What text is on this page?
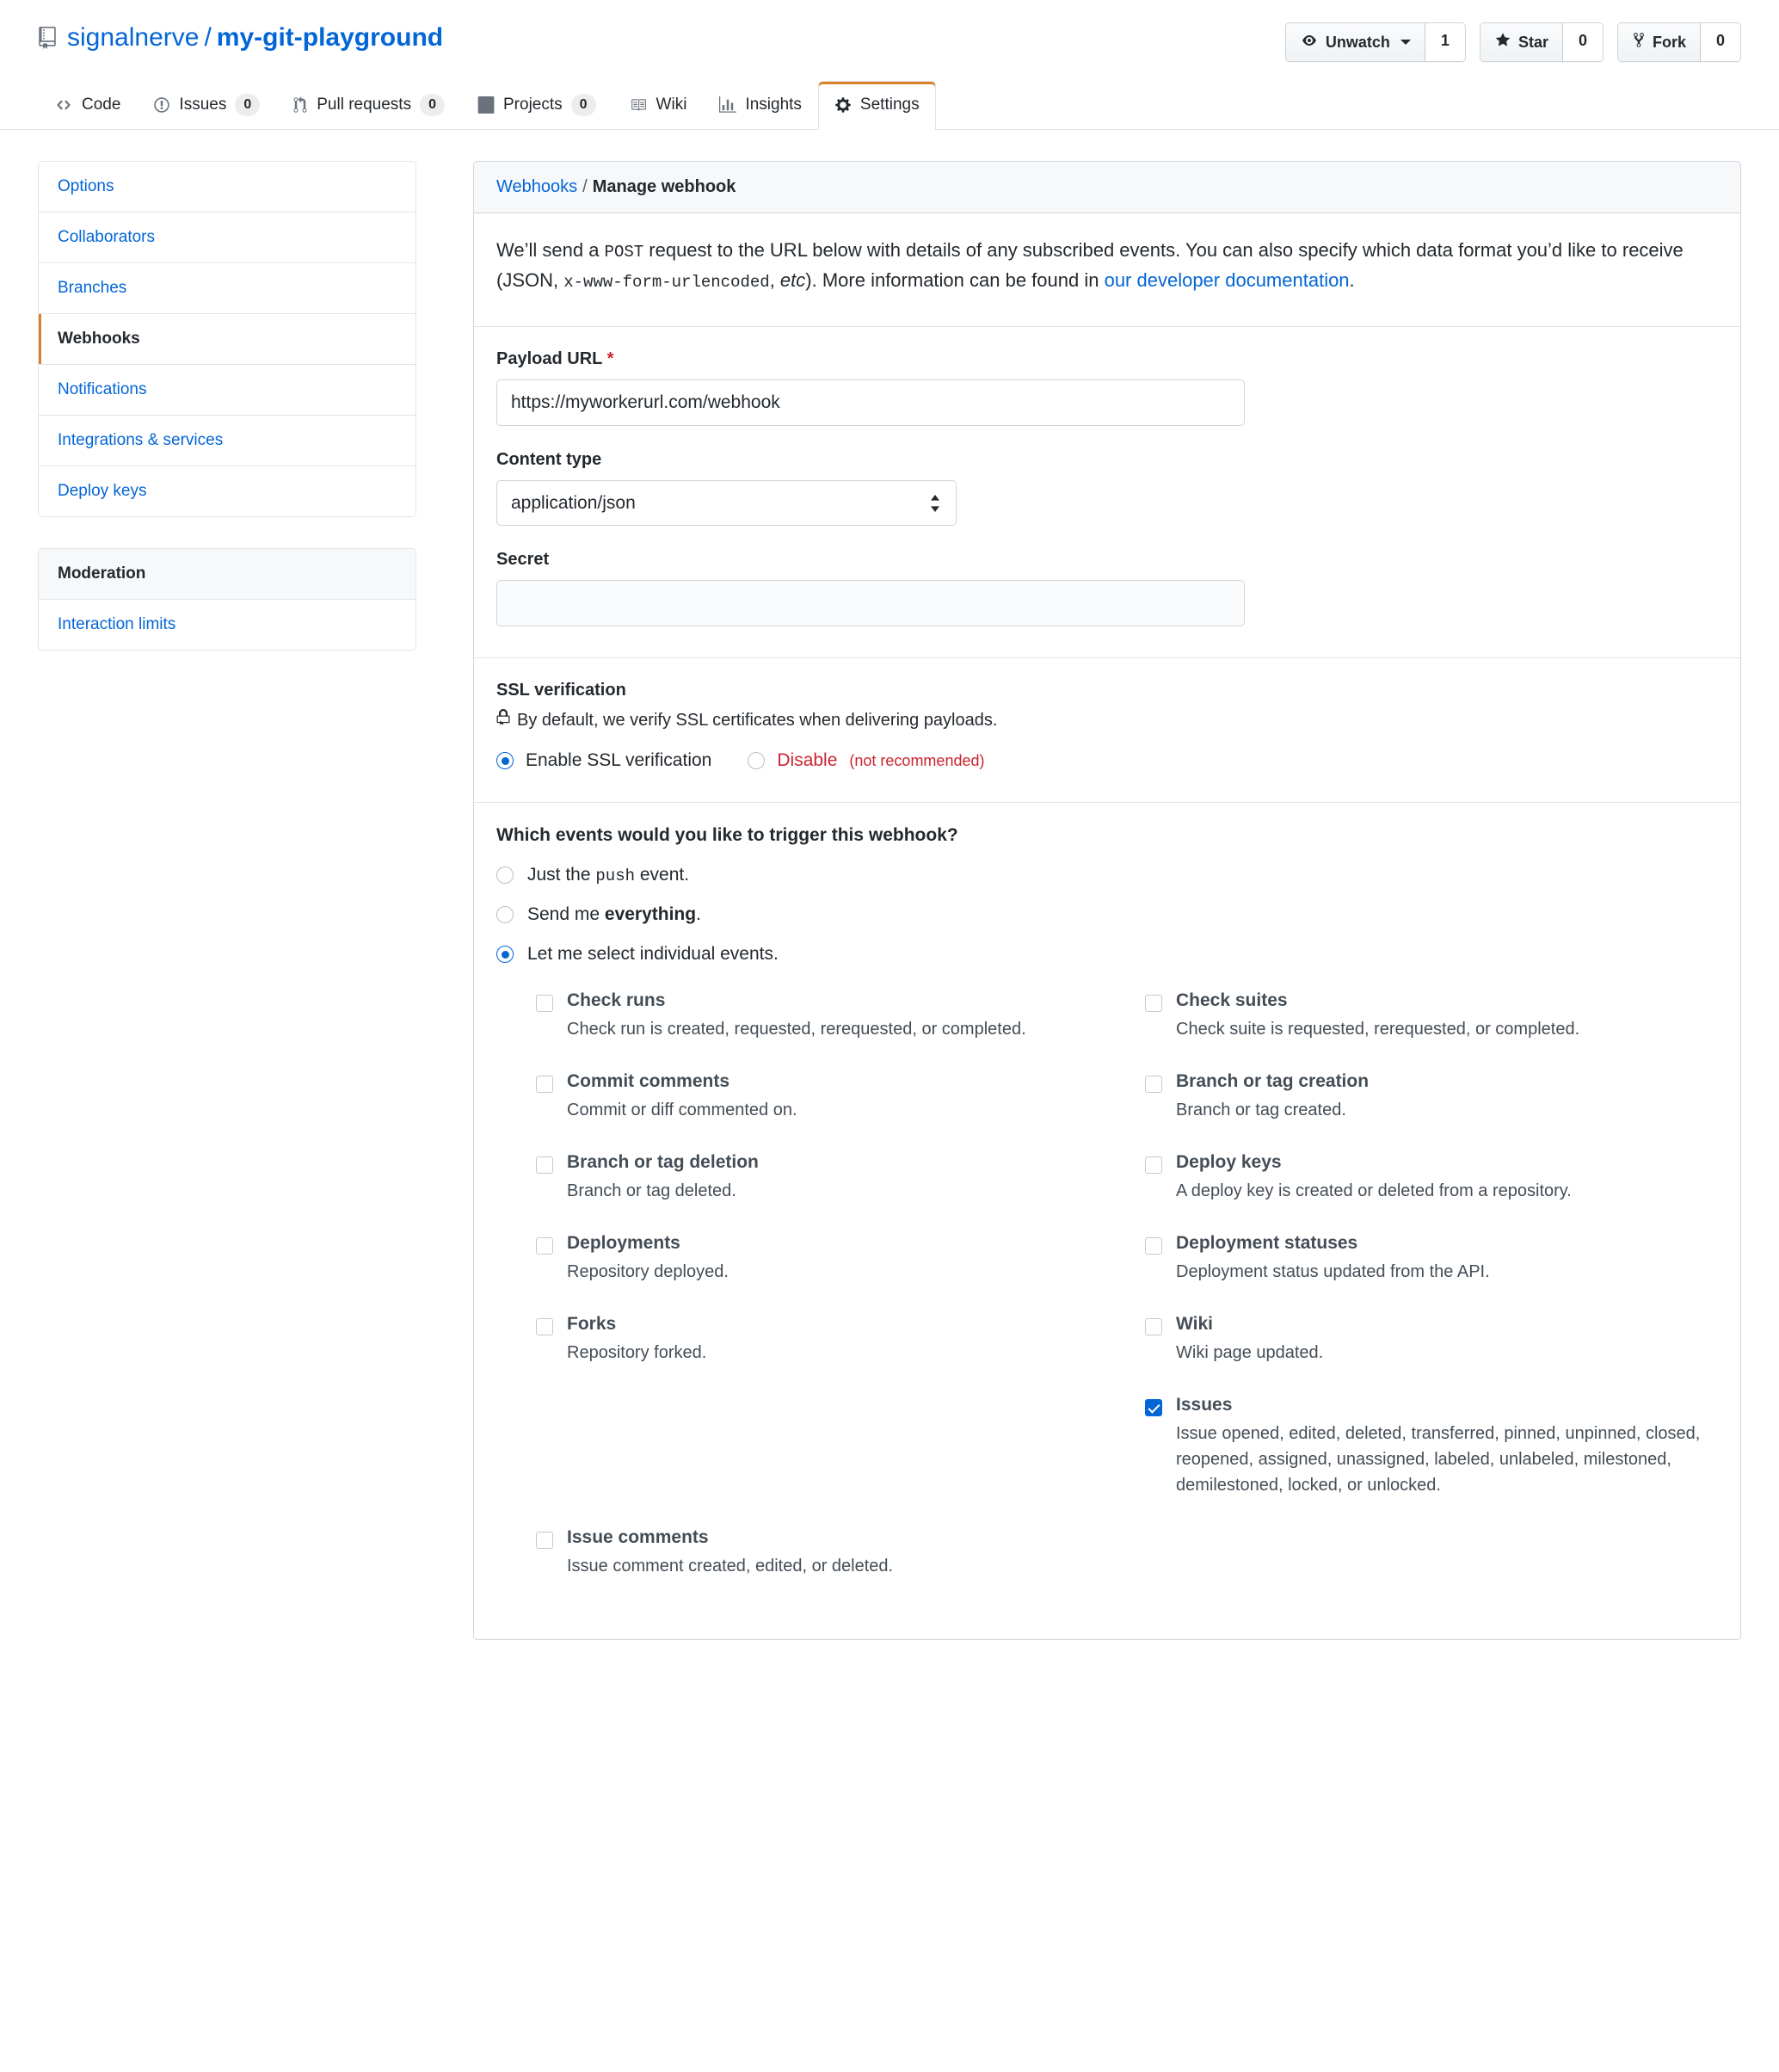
signalnerve / my-git-playground	Unwatch	1	Star	0	Fork	0
Code	Issues	0	Pull requests	0	Projects	0	Wiki	Insights	Settings
Options
Collaborators
Branches
Webhooks
Notifications
Integrations & services
Deploy keys
Moderation
Interaction limits
Webhooks / Manage webhook

We’ll send a POST request to the URL below with details of any subscribed events. You can also specify which data format you’d like to receive (JSON, x-www-form-urlencoded, etc). More information can be found in our developer documentation.

Payload URL *
https://myworkerurl.com/webhook
Content type
application/json
Secret
SSL verification
By default, we verify SSL certificates when delivering payloads.
Enable SSL verification	Disable (not recommended)
Which events would you like to trigger this webhook?
Just the push event.
Send me everything.
Let me select individual events.
Check runs
Check run is created, requested, rerequested, or completed.
Check suites
Check suite is requested, rerequested, or completed.
Commit comments
Commit or diff commented on.
Branch or tag creation
Branch or tag created.
Branch or tag deletion
Branch or tag deleted.
Deploy keys
A deploy key is created or deleted from a repository.
Deployments
Repository deployed.
Deployment statuses
Deployment status updated from the API.
Forks
Repository forked.
Wiki
Wiki page updated.
Issues
Issue opened, edited, deleted, transferred, pinned, unpinned, closed, reopened, assigned, unassigned, labeled, unlabeled, milestoned, demilestoned, locked, or unlocked.
Issue comments
Issue comment created, edited, or deleted.
